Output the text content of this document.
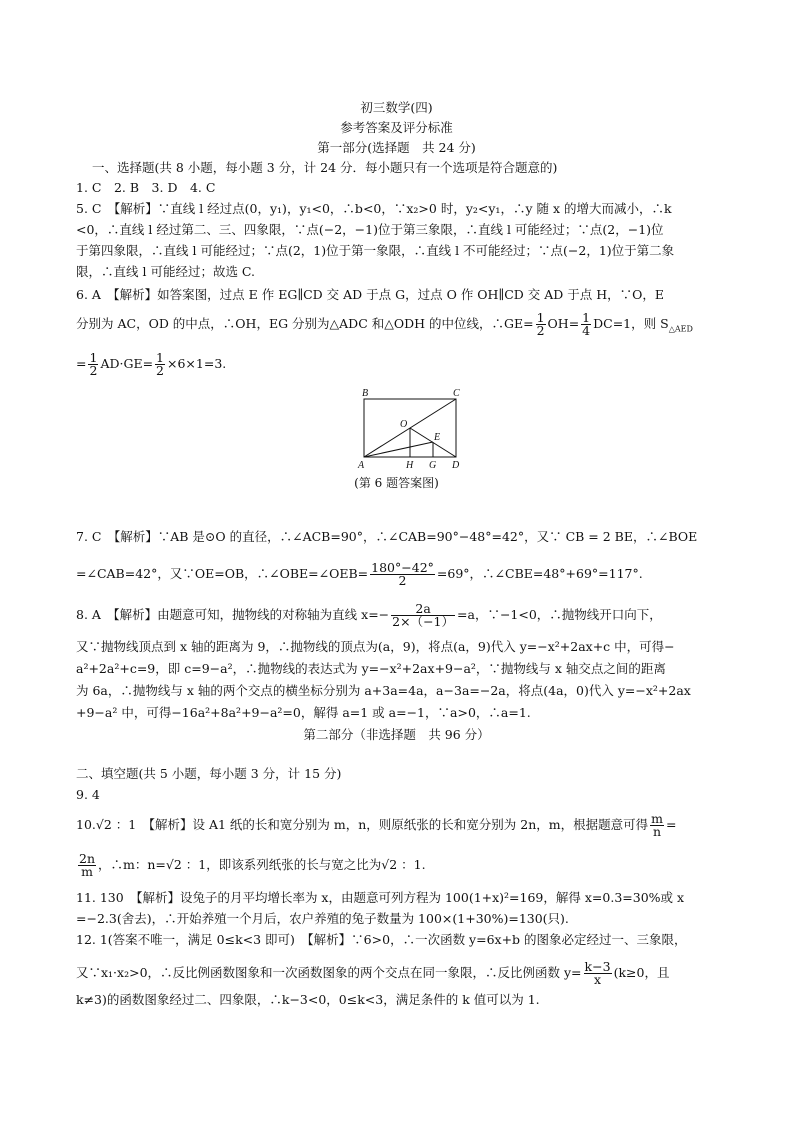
初三数学(四)
参考答案及评分标准
第一部分(选择题　共 24 分)
一、选择题(共 8 小题，每小题 3 分，计 24 分．每小题只有一个选项是符合题意的)
1. C　2. B　3. D　4. C
5. C　【解析】∵直线 l 经过点(0，y₁)，y₁<0，∴b<0，∵x₂>0 时，y₂<y₁，∴y 随 x 的增大而减小，∴k
<0，∴直线 l 经过第二、三、四象限，∵点(−2，−1)位于第三象限，∴直线 l 可能经过；∵点(2，−1)位
于第四象限，∴直线 l 可能经过；∵点(2，1)位于第一象限，∴直线 l 不可能经过；∵点(−2，1)位于第二象
限，∴直线 l 可能经过；故选 C.
6. A　【解析】如答案图，过点 E 作 EG∥CD 交 AD 于点 G，过点 O 作 OH∥CD 交 AD 于点 H，∵O，E
分别为 AC，OD 的中点，∴OH，EG 分别为△ADC 和△ODH 的中位线，∴GE= $\frac{1}{2} OH= \frac{1}{4} DC=1$，则 $S_{\triangle AED}$
= $\frac{1}{2} AD\cdot GE= \frac{1}{2} \times 6\times 1=3$.
B	C
O
E
A	H G D
(第 6 题答案图)
7. C　【解析】∵AB 是⊙O 的直径，∴∠ACB=90°，∴∠CAB=90°−48°=42°，又∵ CB = 2 BE，∴∠BOE
=∠CAB=42°，又∵OE=OB，∴∠OBE=∠OEB= $\frac{180^\circ-42^\circ}{2} =69^\circ$，∴∠CBE=48°+69°=117°.
8. A　【解析】由题意可知，抛物线的对称轴为直线 $x=- \frac{2a}{2\times(-1)} =a$，∵−1<0，∴抛物线开口向下，
又∵抛物线顶点到 x 轴的距离为 9，∴抛物线的顶点为(a，9)，将点(a，9)代入 y=−x²+2ax+c 中，可得−
a²+2a²+c=9，即 c=9−a²，∴抛物线的表达式为 y=−x²+2ax+9−a²，∵抛物线与 x 轴交点之间的距离
为 6a，∴抛物线与 x 轴的两个交点的横坐标分别为 a+3a=4a，a−3a=−2a，将点(4a，0)代入 y=−x²+2ax
+9−a² 中，可得−16a²+8a²+9−a²=0，解得 a=1 或 a=−1，∵a>0，∴a=1.
第二部分（非选择题　共 96 分）
二、填空题(共 5 小题，每小题 3 分，计 15 分)
9. 4
10.√2 ：1　【解析】设 A1 纸的长和宽分别为 m，n，则原纸张的长和宽分别为 2n，m，根据题意可得 $\frac{m}{n}$ =
$\frac{2n}{m}$ ，∴m：n=√2 ：1，即该系列纸张的长与宽之比为√2 ：1.
11. 130　【解析】设兔子的月平均增长率为 x，由题意可列方程为 100(1+x)²=169，解得 x=0.3=30%或 x
=−2.3(舍去)，∴开始养殖一个月后，农户养殖的兔子数量为 100×(1+30%)=130(只).
12. 1(答案不唯一，满足 0≤k<3 即可)　【解析】∵6>0，∴一次函数 y=6x+b 的图象必定经过一、三象限，
又∵x₁·x₂>0，∴反比例函数图象和一次函数图象的两个交点在同一象限，∴反比例函数 $y= \frac{k-3}{x} (k\ge 0$，且
k≠3)的函数图象经过二、四象限，∴k−3<0，0≤k<3，满足条件的 k 值可以为 1.
